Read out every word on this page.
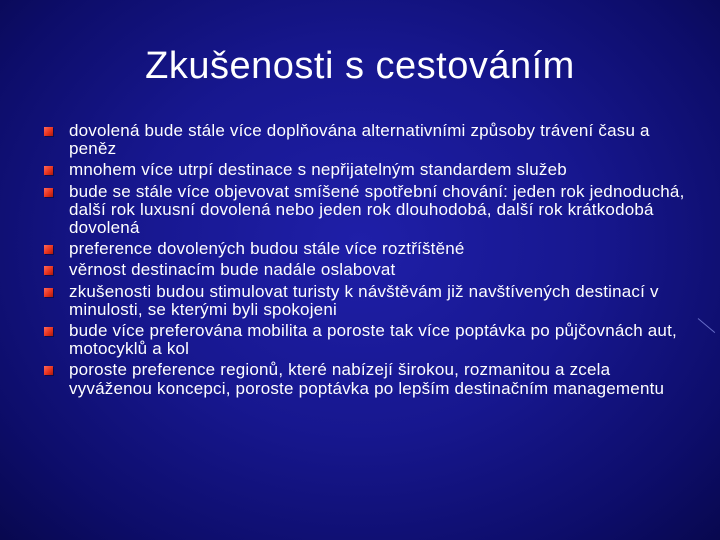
Zkušenosti s cestováním
dovolená bude stále více doplňována alternativními způsoby trávení času a peněz
mnohem více utrpí destinace s nepřijatelným standardem služeb
bude se stále více objevovat smíšené spotřební chování: jeden rok jednoduchá, další rok luxusní dovolená nebo jeden rok dlouhodobá, další rok krátkodobá dovolená
preference dovolených budou stále více roztříštěné
věrnost destinacím bude nadále oslabovat
zkušenosti budou stimulovat turisty k návštěvám již navštívených destinací v minulosti, se kterými byli spokojeni
bude více preferována mobilita a poroste tak více poptávka po půjčovnách aut, motocyklů a kol
poroste preference regionů, které nabízejí širokou, rozmanitou a zcela vyváženou koncepci, poroste poptávka po lepším destinačním managementu
